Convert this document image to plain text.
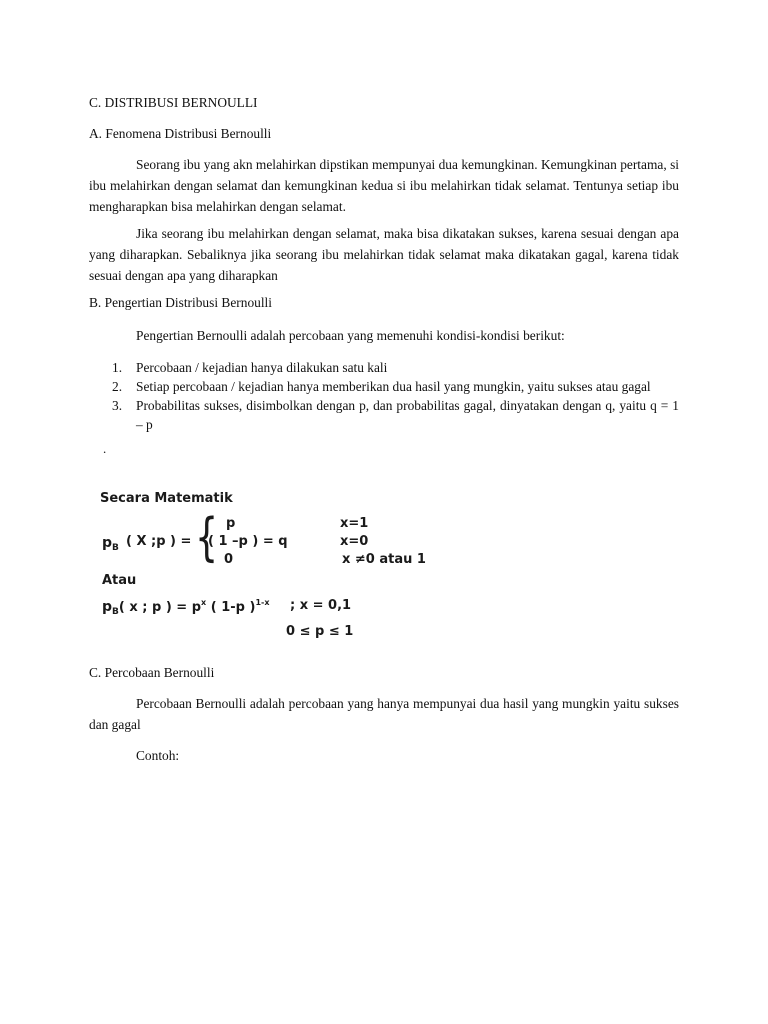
C. DISTRIBUSI BERNOULLI

A. Fenomena Distribusi Bernoulli

Seorang ibu yang akn melahirkan dipstikan mempunyai dua kemungkinan. Kemungkinan pertama, si ibu melahirkan dengan selamat dan kemungkinan kedua si ibu melahirkan tidak selamat. Tentunya setiap ibu mengharapkan bisa melahirkan dengan selamat.

Jika seorang ibu melahirkan dengan selamat, maka bisa dikatakan sukses, karena sesuai dengan apa yang diharapkan. Sebaliknya jika seorang ibu melahirkan tidak selamat maka dikatakan gagal, karena tidak sesuai dengan apa yang diharapkan

B. Pengertian Distribusi Bernoulli

Pengertian Bernoulli adalah percobaan yang memenuhi kondisi-kondisi berikut:

1. Percobaan / kejadian hanya dilakukan satu kali
2. Setiap percobaan / kejadian hanya memberikan dua hasil yang mungkin, yaitu sukses atau gagal
3. Probabilitas sukses, disimbolkan dengan p, dan probabilitas gagal, dinyatakan dengan q, yaitu q = 1 – p
.
Secara Matematik
$p_B$ ( X ;p ) = { p
( 1 –p ) = q
0
x=1
x=0
x ≠0 atau 1
Atau
$p_B$( x ; p ) = $p^x$ ( 1-p )$^{1-x}$ ; x = 0,1
0 ≤ p ≤ 1

C. Percobaan Bernoulli

Percobaan Bernoulli adalah percobaan yang hanya mempunyai dua hasil yang mungkin yaitu sukses dan gagal

Contoh:
